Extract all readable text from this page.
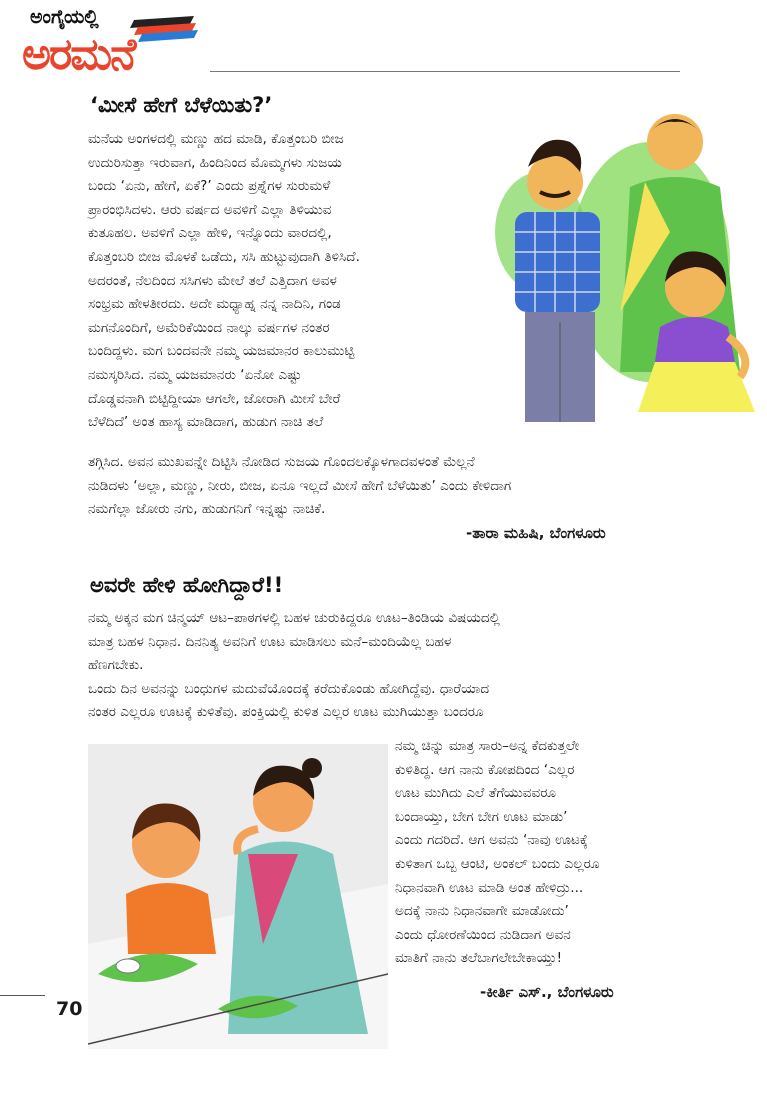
ಅಂಗೈಯಲ್ಲಿ
ಅರಮನೆ
‘ಮೀಸೆ ಹೇಗೆ ಬೆಳೆಯಿತು?’
ಮನೆಯ ಅಂಗಳದಲ್ಲಿ ಮಣ್ಣು ಹದ ಮಾಡಿ, ಕೊತ್ತಂಬರಿ ಬೀಜ
ಉದುರಿಸುತ್ತಾ ಇರುವಾಗ, ಹಿಂದಿನಿಂದ ಮೊಮ್ಮಗಳು ಸುಜಯ
ಬಂದು ‘ಏನು, ಹೇಗೆ, ಏಕೆ?’ ಎಂದು ಪ್ರಶ್ನೆಗಳ ಸುರುಮಳೆ
ಪ್ರಾರಂಭಿಸಿದಳು. ಆರು ವರ್ಷದ ಅವಳಿಗೆ ಎಲ್ಲಾ ತಿಳಿಯುವ
ಕುತೂಹಲ. ಅವಳಿಗೆ ಎಲ್ಲಾ ಹೇಳಿ, ಇನ್ನೊಂದು ವಾರದಲ್ಲಿ,
ಕೊತ್ತಂಬರಿ ಬೀಜ ಮೊಳಕೆ ಒಡೆದು, ಸಸಿ ಹುಟ್ಟುವುದಾಗಿ ತಿಳಿಸಿದೆ.
ಅದರಂತೆ, ನೆಲದಿಂದ ಸಸಿಗಳು ಮೇಲೆ ತಲೆ ಎತ್ತಿದಾಗ ಅವಳ
ಸಂಭ್ರಮ ಹೇಳತೀರದು. ಅದೇ ಮಧ್ಯಾಹ್ನ ನನ್ನ ನಾದಿನಿ, ಗಂಡ
ಮಗನೊಂದಿಗೆ, ಅಮೆರಿಕೆಯಿಂದ ನಾಲ್ಕು ವರ್ಷಗಳ ನಂತರ
ಬಂದಿದ್ದಳು. ಮಗ ಬಂದವನೇ ನಮ್ಮ ಯಜಮಾನರ ಕಾಲುಮುಟ್ಟಿ
ನಮಸ್ಕರಿಸಿದ. ನಮ್ಮ ಯಜಮಾನರು ‘ಏನೋ ಎಷ್ಟು
ದೊಡ್ಡವನಾಗಿ ಬಿಟ್ಟಿದ್ದೀಯಾ ಆಗಲೇ, ಜೋರಾಗಿ ಮೀಸೆ ಬೇರೆ
ಬೆಳೆದಿದೆ’ ಅಂತ ಹಾಸ್ಯ ಮಾಡಿದಾಗ, ಹುಡುಗ ನಾಚಿ ತಲೆ
ತಗ್ಗಿಸಿದ. ಅವನ ಮುಖವನ್ನೇ ದಿಟ್ಟಿಸಿ ನೋಡಿದ ಸುಜಯ ಗೊಂದಲಕ್ಕೊಳಗಾದವಳಂತೆ ಮೆಲ್ಲನೆ
ನುಡಿದಳು ‘ಅಲ್ಲಾ, ಮಣ್ಣು, ನೀರು, ಬೀಜ, ಏನೂ ಇಲ್ಲದೆ ಮೀಸೆ ಹೇಗೆ ಬೆಳೆಯಿತು’ ಎಂದು ಕೇಳಿದಾಗ
ನಮಗೆಲ್ಲಾ ಜೋರು ನಗು, ಹುಡುಗನಿಗೆ ಇನ್ನಷ್ಟು ನಾಚಿಕೆ.
-ತಾರಾ ಮಹಿಷಿ, ಬೆಂಗಳೂರು
ಅವರೇ ಹೇಳಿ ಹೋಗಿದ್ದಾರೆ!!
ನಮ್ಮ ಅಕ್ಕನ ಮಗ ಚಿನ್ಮಯ್ ಆಟ–ಪಾಠಗಳಲ್ಲಿ ಬಹಳ ಚುರುಕಿದ್ದರೂ ಊಟ–ತಿಂಡಿಯ ವಿಷಯದಲ್ಲಿ
ಮಾತ್ರ ಬಹಳ ನಿಧಾನ. ದಿನನಿತ್ಯ ಅವನಿಗೆ ಊಟ ಮಾಡಿಸಲು ಮನೆ–ಮಂದಿಯೆಲ್ಲ ಬಹಳ
ಹೆಣಗಬೇಕು.
ಒಂದು ದಿನ ಅವನನ್ನು ಬಂಧುಗಳ ಮದುವೆಯೊಂದಕ್ಕೆ ಕರೆದುಕೊಂಡು ಹೋಗಿದ್ದೆವು. ಧಾರೆಯಾದ
ನಂತರ ಎಲ್ಲರೂ ಊಟಕ್ಕೆ ಕುಳಿತೆವು. ಪಂಕ್ತಿಯಲ್ಲಿ ಕುಳಿತ ಎಲ್ಲರ ಊಟ ಮುಗಿಯುತ್ತಾ ಬಂದರೂ
ನಮ್ಮ ಚಿನ್ನು ಮಾತ್ರ ಸಾರು–ಅನ್ನ ಕೆದಕುತ್ತಲೇ
ಕುಳಿತಿದ್ದ. ಆಗ ನಾನು ಕೋಪದಿಂದ ‘ಎಲ್ಲರ
ಊಟ ಮುಗಿದು ಎಲೆ ತೆಗೆಯುವವರೂ
ಬಂದಾಯ್ತು, ಬೇಗ ಬೇಗ ಊಟ ಮಾಡು’
ಎಂದು ಗದರಿದೆ. ಆಗ ಅವನು ‘ನಾವು ಊಟಕ್ಕೆ
ಕುಳಿತಾಗ ಒಬ್ಬ ಆಂಟಿ, ಅಂಕಲ್ ಬಂದು ಎಲ್ಲರೂ
ನಿಧಾನವಾಗಿ ಊಟ ಮಾಡಿ ಅಂತ ಹೇಳಿದ್ರು...
ಅದಕ್ಕೆ ನಾನು ನಿಧಾನವಾಗೇ ಮಾಡೋದು’
ಎಂದು ಧೋರಣೆಯಿಂದ ನುಡಿದಾಗ ಅವನ
ಮಾತಿಗೆ ನಾನು ತಲೆಬಾಗಲೇಬೇಕಾಯ್ತು!
-ಕೀರ್ತಿ ಎಸ್., ಬೆಂಗಳೂರು
70
